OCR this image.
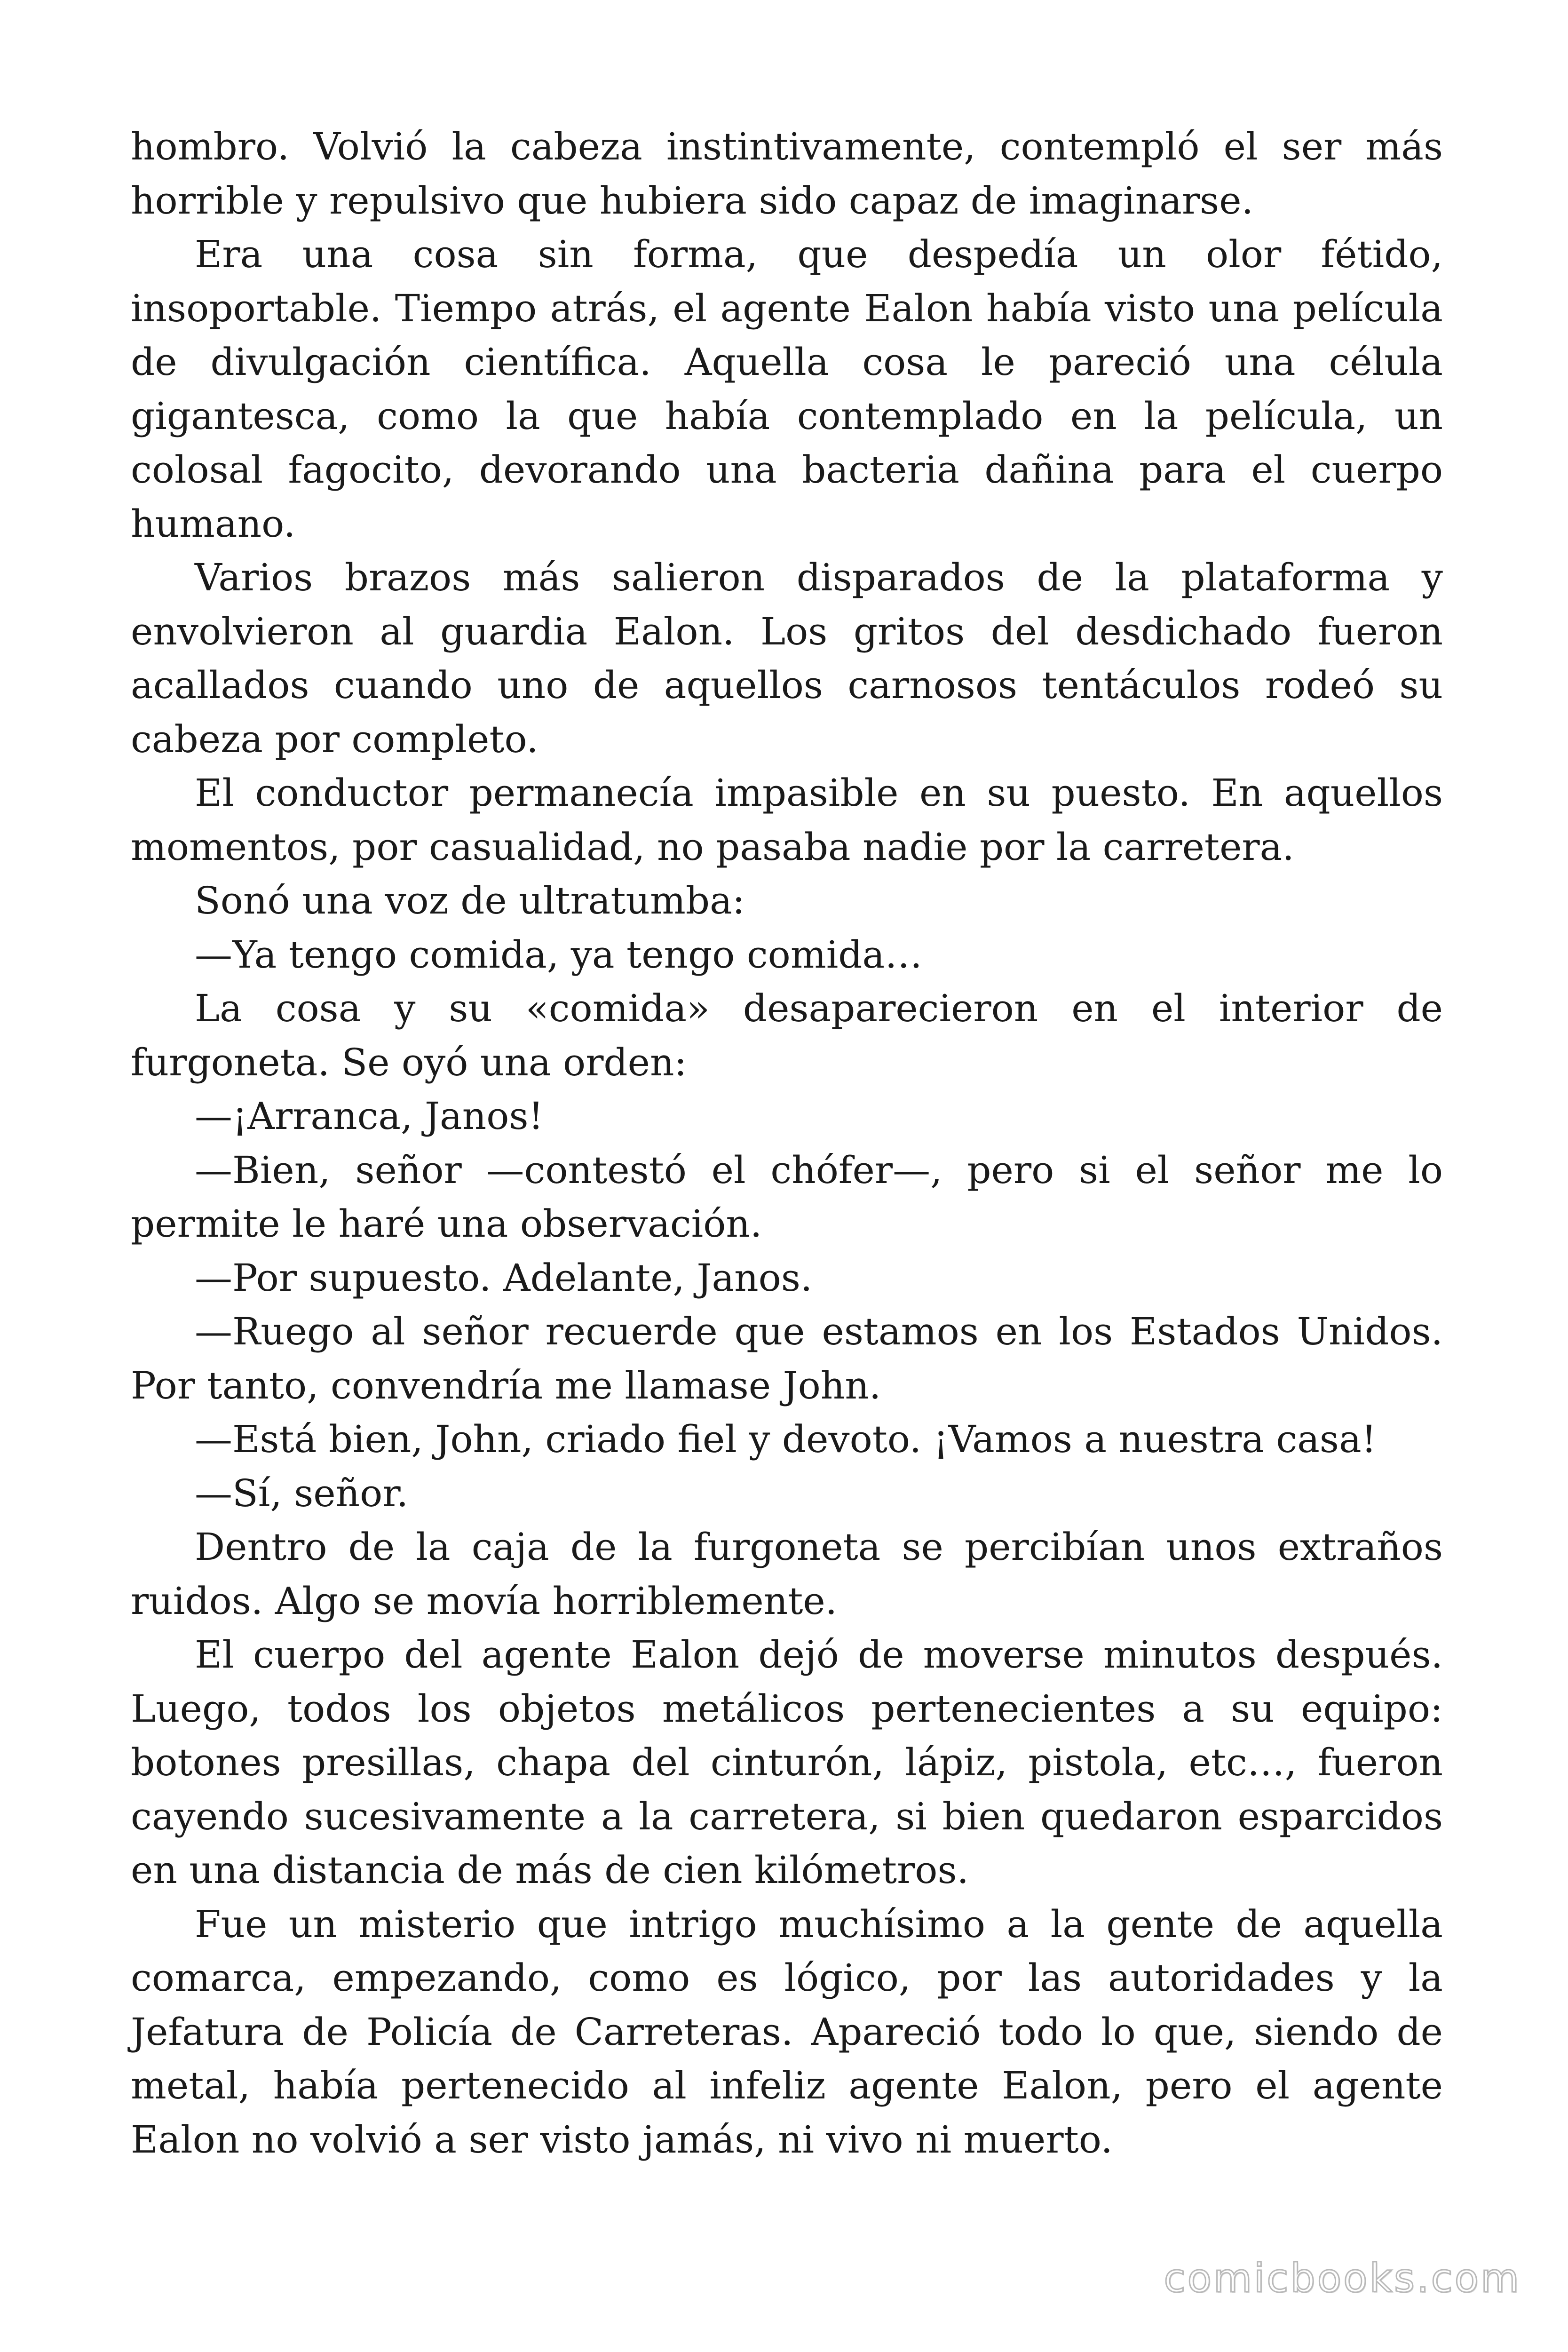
hombro. Volvió la cabeza instintivamente, contempló el ser más horrible y repulsivo que hubiera sido capaz de imaginarse.

Era una cosa sin forma, que despedía un olor fétido, insoportable. Tiempo atrás, el agente Ealon había visto una película de divulgación científica. Aquella cosa le pareció una célula gigantesca, como la que había contemplado en la película, un colosal fagocito, devorando una bacteria dañina para el cuerpo humano.

Varios brazos más salieron disparados de la plataforma y envolvieron al guardia Ealon. Los gritos del desdichado fueron acallados cuando uno de aquellos carnosos tentáculos rodeó su cabeza por completo.

El conductor permanecía impasible en su puesto. En aquellos momentos, por casualidad, no pasaba nadie por la carretera.

Sonó una voz de ultratumba:

—Ya tengo comida, ya tengo comida…

La cosa y su «comida» desaparecieron en el interior de furgoneta. Se oyó una orden:

—¡Arranca, Janos!

—Bien, señor —contestó el chófer—, pero si el señor me lo permite le haré una observación.

—Por supuesto. Adelante, Janos.

—Ruego al señor recuerde que estamos en los Estados Unidos. Por tanto, convendría me llamase John.

—Está bien, John, criado fiel y devoto. ¡Vamos a nuestra casa!

—Sí, señor.

Dentro de la caja de la furgoneta se percibían unos extraños ruidos. Algo se movía horriblemente.

El cuerpo del agente Ealon dejó de moverse minutos después. Luego, todos los objetos metálicos pertenecientes a su equipo: botones presillas, chapa del cinturón, lápiz, pistola, etc…, fueron cayendo sucesivamente a la carretera, si bien quedaron esparcidos en una distancia de más de cien kilómetros.

Fue un misterio que intrigo muchísimo a la gente de aquella comarca, empezando, como es lógico, por las autoridades y la Jefatura de Policía de Carreteras. Apareció todo lo que, siendo de metal, había pertenecido al infeliz agente Ealon, pero el agente Ealon no volvió a ser visto jamás, ni vivo ni muerto.

comicbooks.com
